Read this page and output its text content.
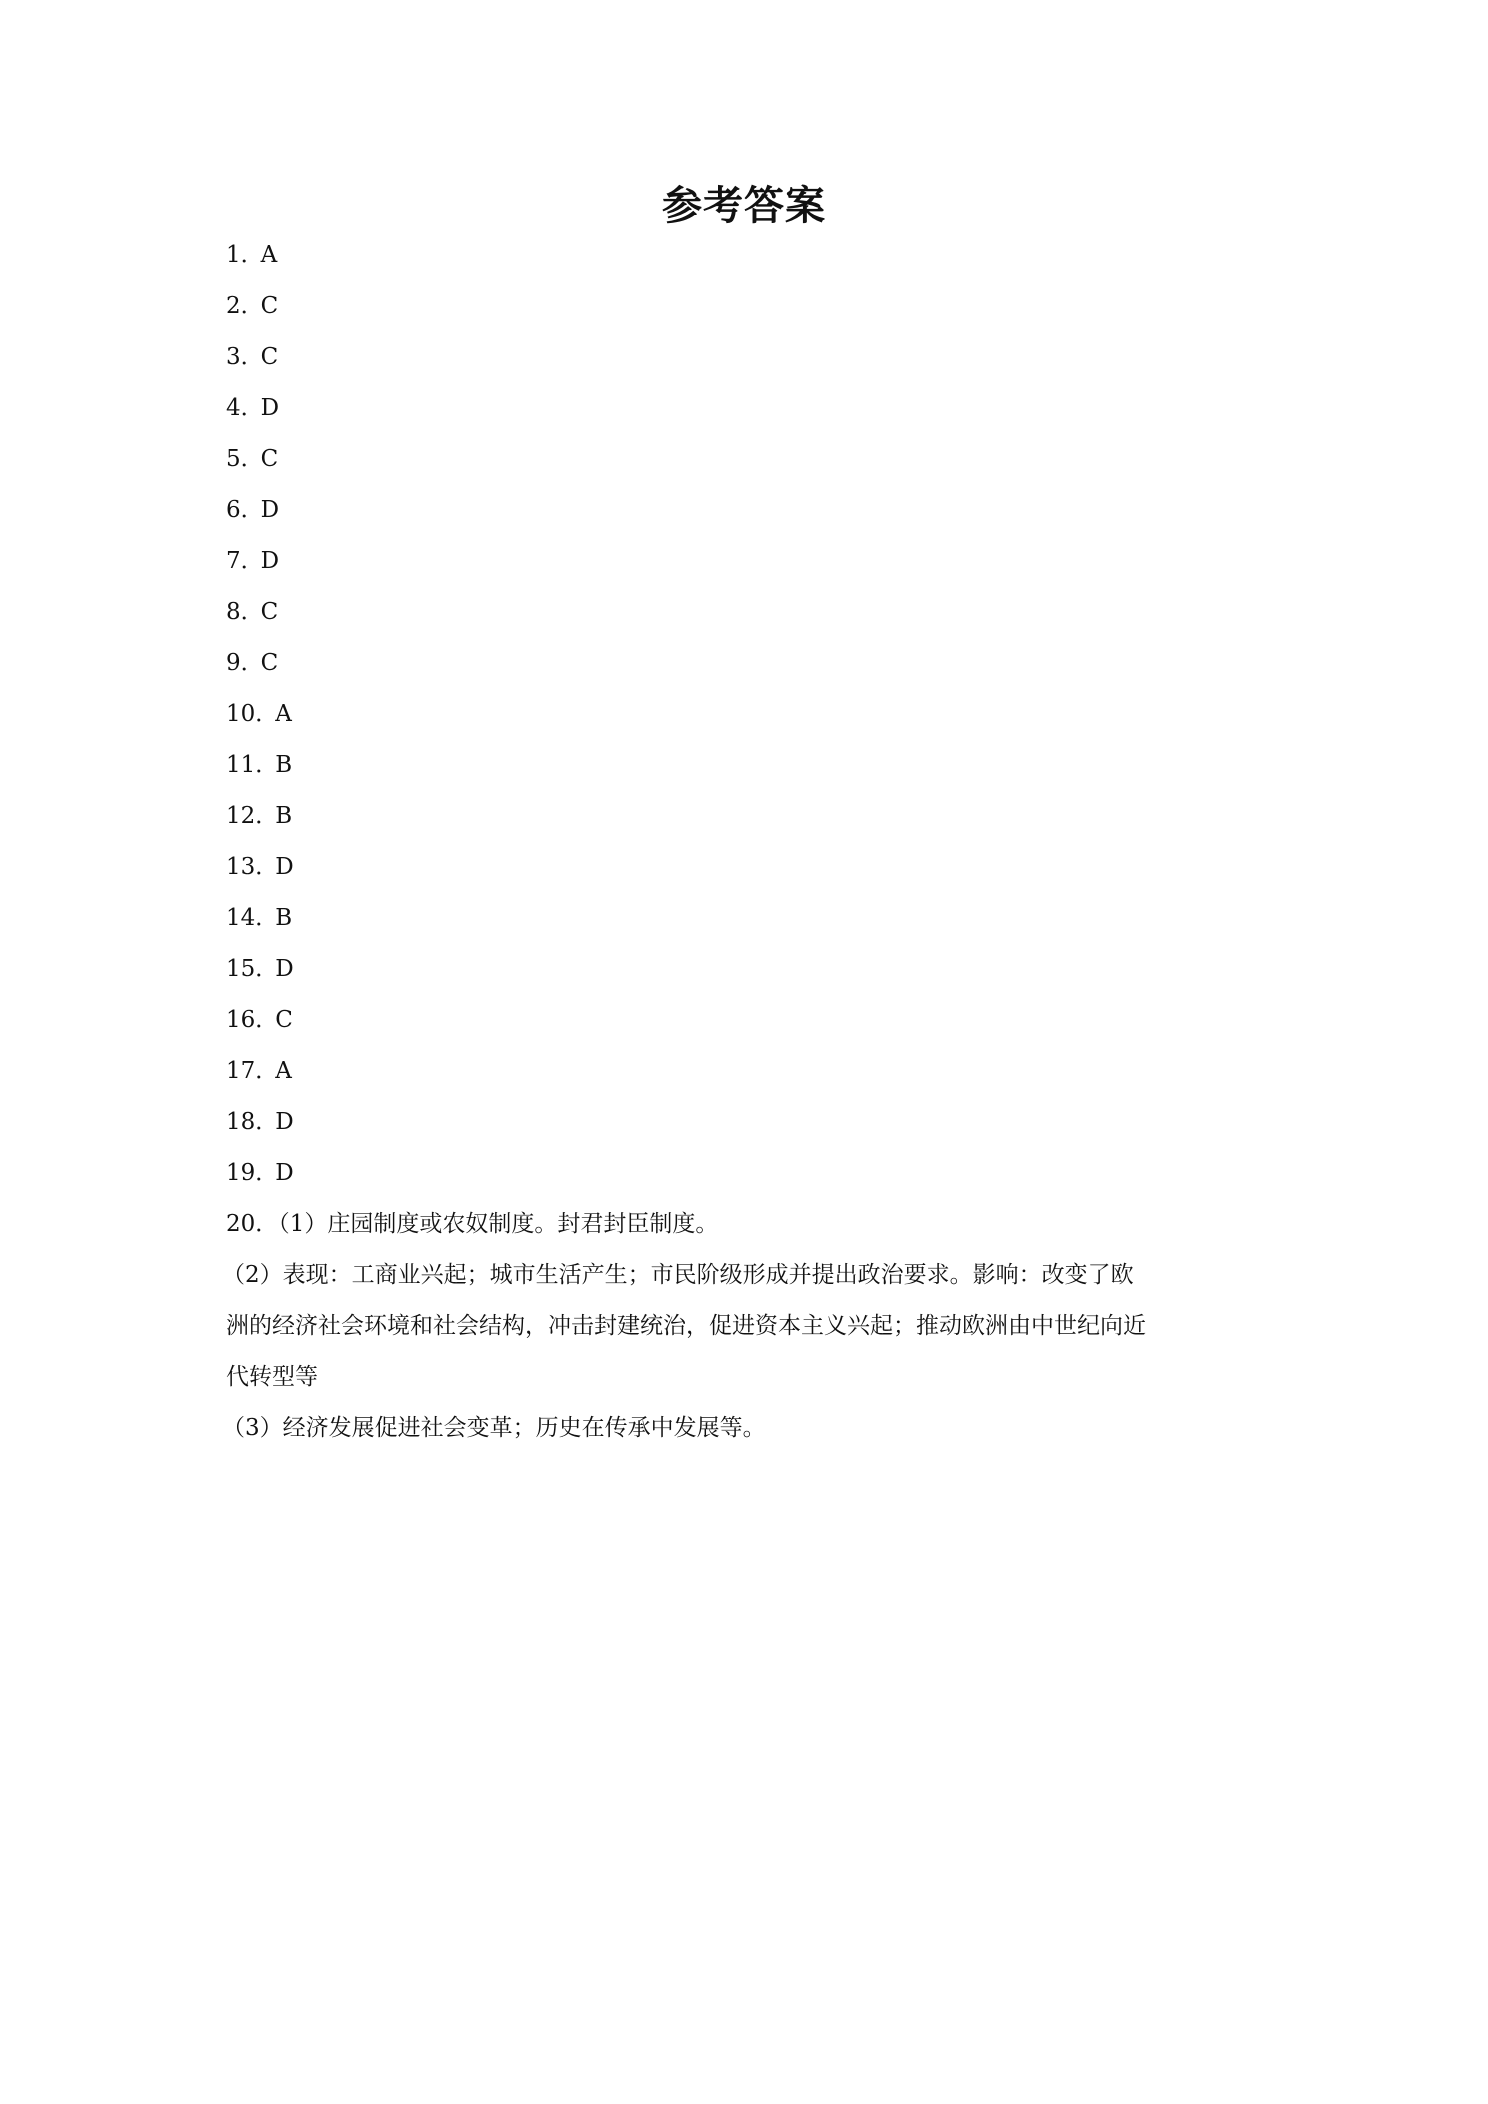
参考答案
1 ．
A
2 ．
C
3 ．
C
4 ．
D
5 ．
C
6 ．
D
7 ．
D
8 ．
C
9 ．
C
10 ．
A
11 ．
B
12 ．
B
13 ．
D
14 ．
B
15 ．
D
16 ．
C
17 ．
A
18 ．
D
19 ．
D

20．（1）庄园制度或农奴制度。封君封臣制度。

（2）表现：工商业兴起；城市生活产生；市民阶级形成并提出政治要求。影响：改变了欧

洲的经济社会环境和社会结构，冲击封建统治，促进资本主义兴起；推动欧洲由中世纪向近

代转型等

（3）经济发展促进社会变革；历史在传承中发展等。
